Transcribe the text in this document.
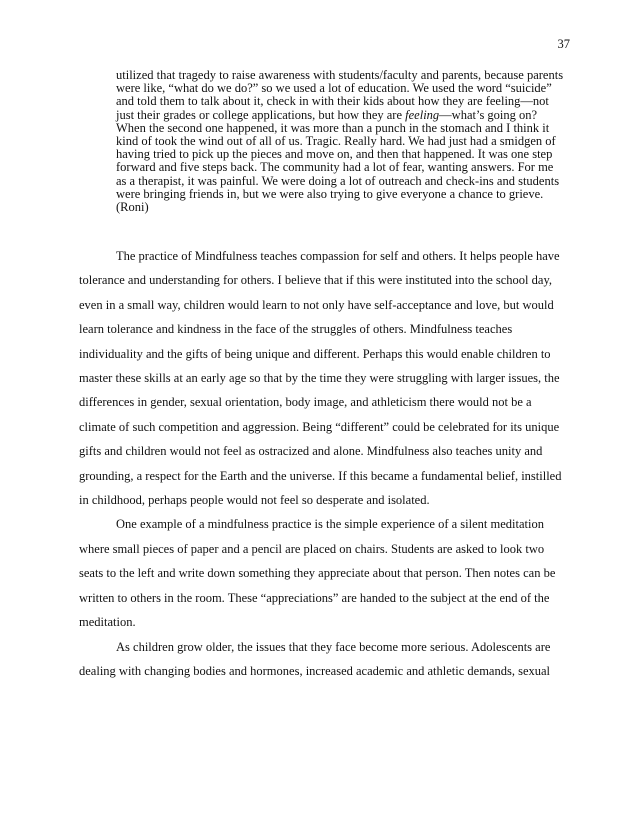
37
utilized that tragedy to raise awareness with students/faculty and parents, because parents
were like, “what do we do?” so we used a lot of education. We used the word “suicide”
and told them to talk about it, check in with their kids about how they are feeling—not
just their grades or college applications, but how they are feeling—what’s going on?
When the second one happened, it was more than a punch in the stomach and I think it
kind of took the wind out of all of us. Tragic. Really hard. We had just had a smidgen of
having tried to pick up the pieces and move on, and then that happened. It was one step
forward and five steps back. The community had a lot of fear, wanting answers. For me
as a therapist, it was painful. We were doing a lot of outreach and check-ins and students
were bringing friends in, but we were also trying to give everyone a chance to grieve.
(Roni)
The practice of Mindfulness teaches compassion for self and others. It helps people have
tolerance and understanding for others. I believe that if this were instituted into the school day,
even in a small way, children would learn to not only have self-acceptance and love, but would
learn tolerance and kindness in the face of the struggles of others. Mindfulness teaches
individuality and the gifts of being unique and different. Perhaps this would enable children to
master these skills at an early age so that by the time they were struggling with larger issues, the
differences in gender, sexual orientation, body image, and athleticism there would not be a
climate of such competition and aggression. Being “different” could be celebrated for its unique
gifts and children would not feel as ostracized and alone. Mindfulness also teaches unity and
grounding, a respect for the Earth and the universe. If this became a fundamental belief, instilled
in childhood, perhaps people would not feel so desperate and isolated.
One example of a mindfulness practice is the simple experience of a silent meditation
where small pieces of paper and a pencil are placed on chairs. Students are asked to look two
seats to the left and write down something they appreciate about that person. Then notes can be
written to others in the room. These “appreciations” are handed to the subject at the end of the
meditation.
As children grow older, the issues that they face become more serious. Adolescents are
dealing with changing bodies and hormones, increased academic and athletic demands, sexual
